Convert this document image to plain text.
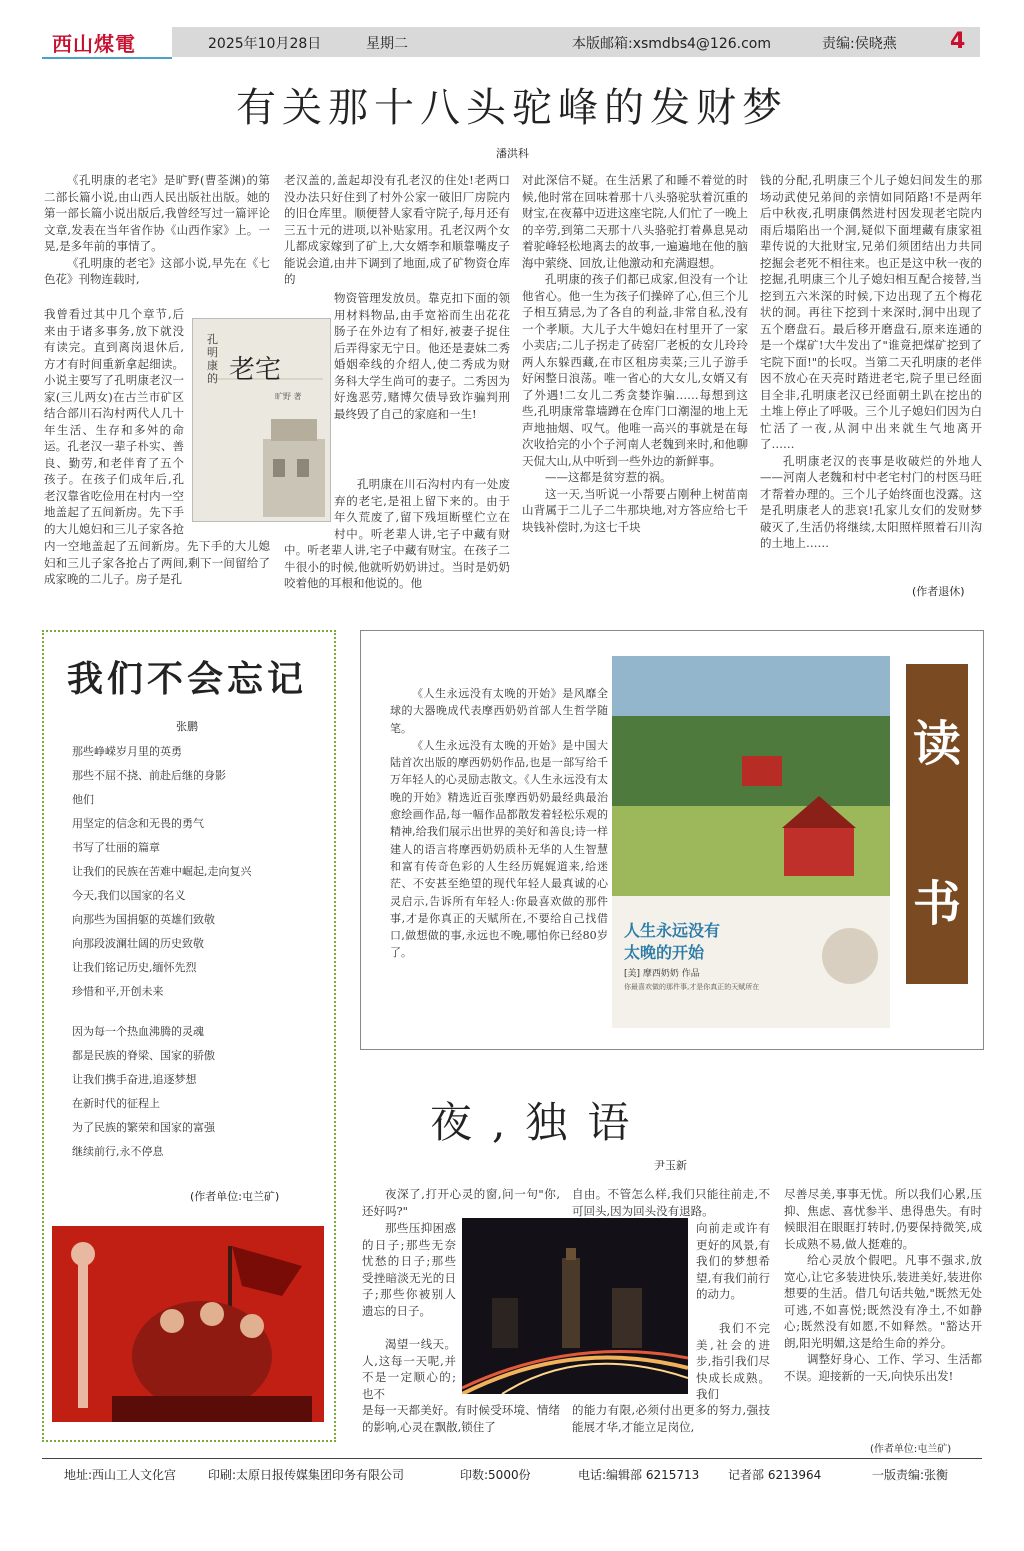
西山煤電	2025年10月28日	星期二	本版邮箱:xsmdbs4@126.com	责编:侯晓燕 4
有关那十八头驼峰的发财梦
潘洪科

《孔明康的老宅》是旷野(曹荃渊)的第二部长篇小说,由山西人民出版社出版。她的第一部长篇小说出版后,我曾经写过一篇评论文章,发表在当年省作协《山西作家》上。一晃,是多年前的事情了。

《孔明康的老宅》这部小说,早先在《七色花》刊物连载时,

我曾看过其中几个章节,后来由于诸多事务,放下就没有读完。直到离岗退休后,方才有时间重新拿起细读。小说主要写了孔明康老汉一家(三儿两女)在古兰市矿区结合部川石沟村两代人几十年生活、生存和多舛的命运。孔老汉一辈子朴实、善良、勤劳,和老伴育了五个孩子。在孩子们成年后,孔老汉靠省吃俭用在村内一空地盖起了五间新房。先下手的大儿媳妇和三儿子家各抢

内一空地盖起了五间新房。先下手的大儿媳妇和三儿子家各抢占了两间,剩下一间留给了成家晚的二儿子。房子是孔

孔明康的 老宅
旷野 著

老汉盖的,盖起却没有孔老汉的住处!老两口没办法只好住到了村外公家一破旧厂房院内的旧仓库里。顺便替人家看守院子,每月还有三五十元的进项,以补贴家用。孔老汉两个女儿都成家嫁到了矿上,大女婿李和顺靠嘴皮子能说会道,由井下调到了地面,成了矿物资仓库的

物资管理发放员。靠克扣下面的领用材料物品,由手宽裕而生出花花肠子在外边有了相好,被妻子捉住后弄得家无宁日。他还是妻妹二秀婚姻牵线的介绍人,使二秀成为财务科大学生尚可的妻子。二秀因为好逸恶劳,赌博欠债导致诈骗判刑最终毁了自己的家庭和一生!

孔明康在川石沟村内有一处废弃的老宅,是祖上留下来的。由于年久荒废了,留下残垣断壁伫立在村中。听老辈人讲,宅子中藏有财

中。听老辈人讲,宅子中藏有财宝。在孩子二牛很小的时候,他就听奶奶讲过。当时是奶奶咬着他的耳根和他说的。他

对此深信不疑。在生活累了和睡不着觉的时候,他时常在回味着那十八头骆驼驮着沉重的财宝,在夜幕中迈进这座宅院,人们忙了一晚上的辛劳,到第二天那十八头骆驼打着鼻息晃动着驼峰轻松地离去的故事,一遍遍地在他的脑海中萦绕、回放,让他激动和充满遐想。

孔明康的孩子们都已成家,但没有一个让他省心。他一生为孩子们操碎了心,但三个儿子相互猜忌,为了各自的利益,非常自私,没有一个孝顺。大儿子大牛媳妇在村里开了一家小卖店;二儿子拐走了砖窑厂老板的女儿玲玲两人东躲西藏,在市区租房卖菜;三儿子游手好闲整日浪荡。唯一省心的大女儿,女婿又有了外遇!二女儿二秀贪婪诈骗……每想到这些,孔明康常靠墙蹲在仓库门口潮湿的地上无声地抽烟、叹气。他唯一高兴的事就是在每次收拾完的小个子河南人老魏到来时,和他聊天侃大山,从中听到一些外边的新鲜事。

——这都是贫穷惹的祸。

这一天,当听说一小帮要占刚种上树苗南山背属于二儿子二牛那块地,对方答应给七千块钱补偿时,为这七千块

钱的分配,孔明康三个儿子媳妇间发生的那场动武使兄弟间的亲情如同陌路!不是两年后中秋夜,孔明康偶然进村因发现老宅院内雨后塌陷出一个洞,疑似下面埋藏有康家祖辈传说的大批财宝,兄弟们须团结出力共同挖掘会老死不相往来。也正是这中秋一夜的挖掘,孔明康三个儿子媳妇相互配合接替,当挖到五六米深的时候,下边出现了五个梅花状的洞。再往下挖到十来深时,洞中出现了五个磨盘石。最后移开磨盘石,原来连通的是一个煤矿!大牛发出了"谁竟把煤矿挖到了宅院下面!"的长叹。当第二天孔明康的老伴因不放心在天亮时踏进老宅,院子里已经面目全非,孔明康老汉已经面朝土趴在挖出的土堆上停止了呼吸。三个儿子媳妇们因为白忙活了一夜,从洞中出来就生气地离开了……

孔明康老汉的丧事是收破烂的外地人——河南人老魏和村中老宅村门的村医马旺才帮着办理的。三个儿子始终面也没露。这是孔明康老人的悲哀!孔家儿女们的发财梦破灭了,生活仍将继续,太阳照样照着石川沟的土地上……

(作者退休)
我们不会忘记
张鹏
那些峥嵘岁月里的英勇
那些不屈不挠、前赴后继的身影
他们
用坚定的信念和无畏的勇气
书写了壮丽的篇章
让我们的民族在苦难中崛起,走向复兴
今天,我们以国家的名义
向那些为国捐躯的英雄们致敬
向那段波澜壮阔的历史致敬
让我们铭记历史,缅怀先烈
珍惜和平,开创未来
因为每一个热血沸腾的灵魂
都是民族的脊梁、国家的骄傲
让我们携手奋进,追逐梦想
在新时代的征程上
为了民族的繁荣和国家的富强
继续前行,永不停息
(作者单位:屯兰矿)

《人生永远没有太晚的开始》是风靡全球的大器晚成代表摩西奶奶首部人生哲学随笔。

《人生永远没有太晚的开始》是中国大陆首次出版的摩西奶奶作品,也是一部写给千万年轻人的心灵励志散文。《人生永远没有太晚的开始》精选近百张摩西奶奶最经典最治愈绘画作品,每一幅作品都散发着轻松乐观的精神,给我们展示出世界的美好和善良;诗一样建人的语言将摩西奶奶质朴无华的人生智慧和富有传奇色彩的人生经历娓娓道来,给迷茫、不安甚至绝望的现代年轻人最真诚的心灵启示,告诉所有年轻人:你最喜欢做的那件事,才是你真正的天赋所在,不要给自己找借口,做想做的事,永远也不晚,哪怕你已经80岁了。

人生永远没有
太晚的开始
[美] 摩西奶奶 作品
你最喜欢做的那件事,才是你真正的天赋所在
读
书
夜,独语
尹玉新

夜深了,打开心灵的窗,问一句"你,还好吗?"

那些压抑困惑的日子;那些无奈忧愁的日子;那些受挫暗淡无光的日子;那些你被别人遗忘的日子。

渴望一线天。人,这每一天呢,并不是一定顺心的;也不

是每一天都美好。有时候受环境、情绪的影响,心灵在飘散,锁住了

自由。不管怎么样,我们只能往前走,不可回头,因为回头没有退路。

向前走或许有更好的风景,有我们的梦想希望,有我们前行的动力。

我们不完美,社会的进步,指引我们尽快成长成熟。我们

的能力有限,必须付出更多的努力,强技能展才华,才能立足岗位,

尽善尽美,事事无忧。所以我们心累,压抑、焦虑、喜忧参半、患得患失。有时候眼泪在眼眶打转时,仍要保持微笑,成长成熟不易,做人挺难的。

给心灵放个假吧。凡事不强求,放宽心,让它多装进快乐,装进美好,装进你想要的生活。借几句话共勉,"既然无处可逃,不如喜悦;既然没有净土,不如静心;既然没有如愿,不如释然。"豁达开朗,阳光明媚,这是给生命的养分。

调整好身心、工作、学习、生活都不误。迎接新的一天,向快乐出发!

(作者单位:屯兰矿)
地址:西山工人文化宫	印刷:太原日报传媒集团印务有限公司	印数:5000份	电话:编辑部 6215713 记者部 6213964	一版责编:张衡
